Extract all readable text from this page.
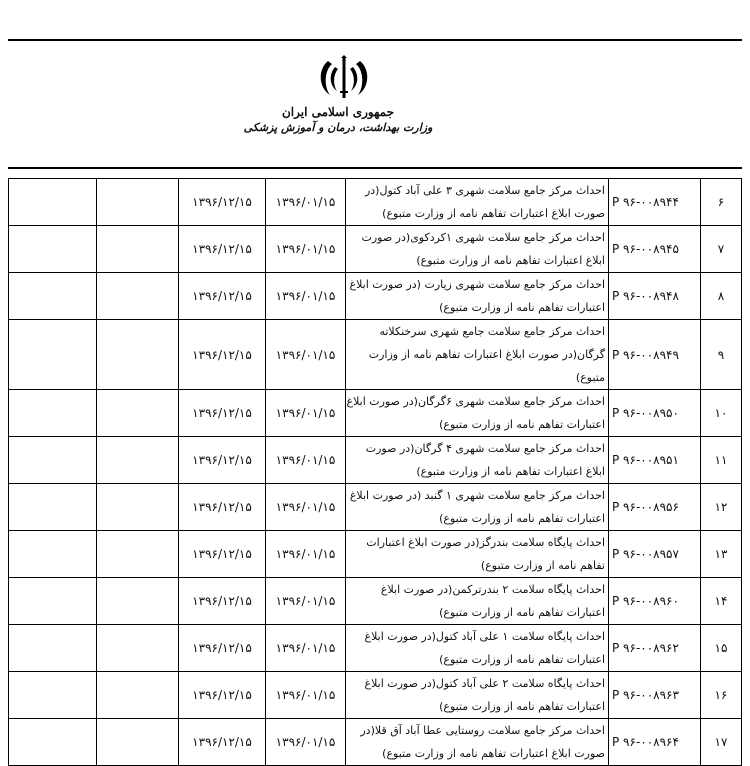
جمهوری اسلامی ایران
وزارت بهداشت، درمان و آموزش پزشکی
		۱۳۹۶/۱۲/۱۵	۱۳۹۶/۰۱/۱۵	احداث مرکز جامع سلامت شهری ۳ علی آباد کتول(در صورت ابلاغ اعتبارات تفاهم نامه از وزارت متبوع)	P ۹۶-۰۰۸۹۴۴	۶
		۱۳۹۶/۱۲/۱۵	۱۳۹۶/۰۱/۱۵	احداث مرکز جامع سلامت شهری ۱کردکوی(در صورت ابلاغ اعتبارات تفاهم نامه از وزارت متبوع)	P ۹۶-۰۰۸۹۴۵	۷
		۱۳۹۶/۱۲/۱۵	۱۳۹۶/۰۱/۱۵	احداث مرکز جامع سلامت شهری زیارت (در صورت ابلاغ اعتبارات تفاهم نامه از وزارت متبوع)	P ۹۶-۰۰۸۹۴۸	۸
		۱۳۹۶/۱۲/۱۵	۱۳۹۶/۰۱/۱۵	احداث مرکز جامع سلامت جامع شهری سرخنکلاته گرگان(در صورت ابلاغ اعتبارات تفاهم نامه از وزارت متبوع)	P ۹۶-۰۰۸۹۴۹	۹
		۱۳۹۶/۱۲/۱۵	۱۳۹۶/۰۱/۱۵	احداث مرکز جامع سلامت شهری ۶گرگان(در صورت ابلاغ اعتبارات تفاهم نامه از وزارت متبوع)	P ۹۶-۰۰۸۹۵۰	۱۰
		۱۳۹۶/۱۲/۱۵	۱۳۹۶/۰۱/۱۵	احداث مرکز جامع سلامت شهری ۴ گرگان(در صورت ابلاغ اعتبارات تفاهم نامه از وزارت متبوع)	P ۹۶-۰۰۸۹۵۱	۱۱
		۱۳۹۶/۱۲/۱۵	۱۳۹۶/۰۱/۱۵	احداث مرکز جامع سلامت شهری ۱ گنبد (در صورت ابلاغ اعتبارات تفاهم نامه از وزارت متبوع)	P ۹۶-۰۰۸۹۵۶	۱۲
		۱۳۹۶/۱۲/۱۵	۱۳۹۶/۰۱/۱۵	احداث پایگاه سلامت بندرگز(در صورت ابلاغ اعتبارات تفاهم نامه از وزارت متبوع)	P ۹۶-۰۰۸۹۵۷	۱۳
		۱۳۹۶/۱۲/۱۵	۱۳۹۶/۰۱/۱۵	احداث پایگاه سلامت ۲ بندرترکمن(در صورت ابلاغ اعتبارات تفاهم نامه از وزارت متبوع)	P ۹۶-۰۰۸۹۶۰	۱۴
		۱۳۹۶/۱۲/۱۵	۱۳۹۶/۰۱/۱۵	احداث پایگاه سلامت ۱ علی آباد کتول(در صورت ابلاغ اعتبارات تفاهم نامه از وزارت متبوع)	P ۹۶-۰۰۸۹۶۲	۱۵
		۱۳۹۶/۱۲/۱۵	۱۳۹۶/۰۱/۱۵	احداث پایگاه سلامت ۲ علی آباد کتول(در صورت ابلاغ اعتبارات تفاهم نامه از وزارت متبوع)	P ۹۶-۰۰۸۹۶۳	۱۶
		۱۳۹۶/۱۲/۱۵	۱۳۹۶/۰۱/۱۵	احداث مرکز جامع سلامت روستایی عطا آباد آق قلا(در صورت ابلاغ اعتبارات تفاهم نامه از وزارت متبوع)	P ۹۶-۰۰۸۹۶۴	۱۷
